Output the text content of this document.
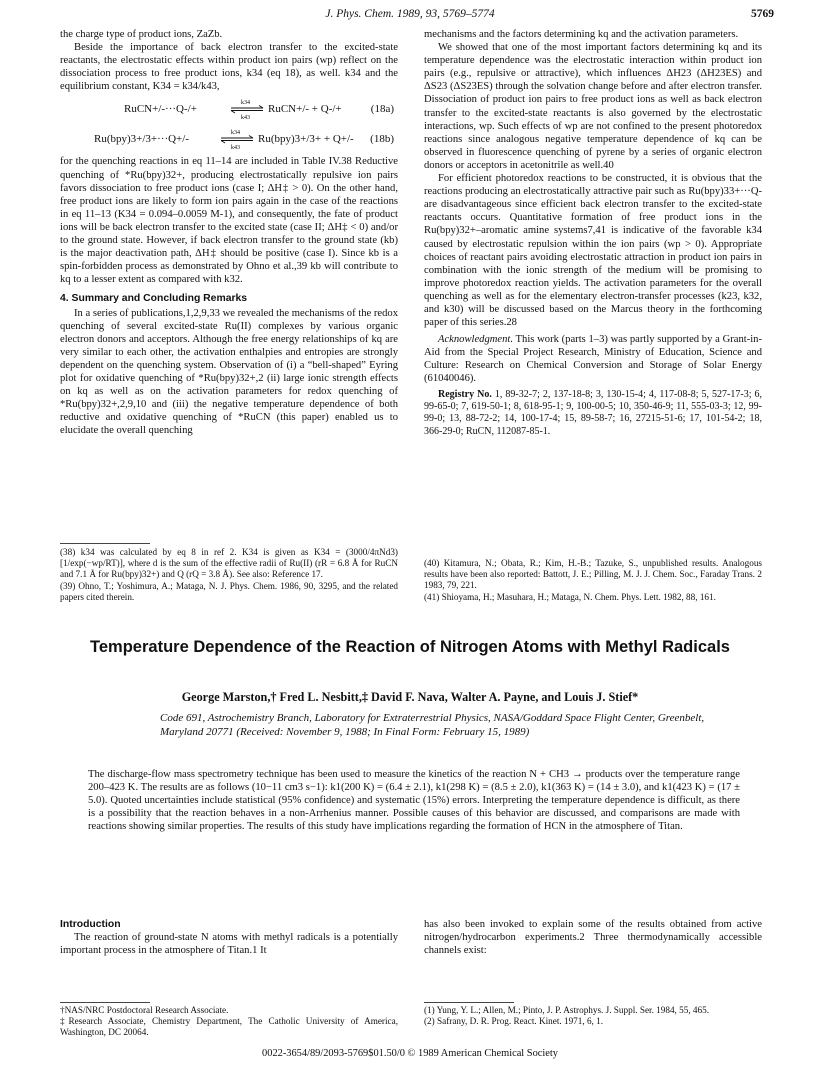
J. Phys. Chem. 1989, 93, 5769–5774	5769

the charge type of product ions, ZaZb.

Beside the importance of back electron transfer to the excited-state reactants, the electrostatic effects within product ion pairs (wp) reflect on the dissociation process to free product ions, k34 (eq 18), as well. k34 and the equilibrium constant, K34 = k34/k43,

RuCN+/-···Q-/+	k34
k43
RuCN+/- + Q-/+	(18a)
Ru(bpy)3+/3+···Q+/-	k34
k43
Ru(bpy)3+/3+ + Q+/- (18b)

for the quenching reactions in eq 11–14 are included in Table IV.38 Reductive quenching of *Ru(bpy)32+, producing electrostatically repulsive ion pairs favors dissociation to free product ions (case I; ΔH‡ > 0). On the other hand, free product ions are likely to form ion pairs again in the case of the reactions in eq 11–13 (K34 = 0.094–0.0059 M-1), and consequently, the fate of product ions will be back electron transfer to the excited state (case II; ΔH‡ < 0) and/or to the ground state. However, if back electron transfer to the ground state (kb) is the major deactivation path, ΔH‡ should be positive (case I). Since kb is a spin-forbidden process as demonstrated by Ohno et al.,39 kb will contribute to kq to a lesser extent as compared with k32.

4. Summary and Concluding Remarks

In a series of publications,1,2,9,33 we revealed the mechanisms of the redox quenching of several excited-state Ru(II) complexes by various organic electron donors and acceptors. Although the free energy relationships of kq are very similar to each other, the activation enthalpies and entropies are strongly dependent on the quenching system. Observation of (i) a “bell-shaped” Eyring plot for oxidative quenching of *Ru(bpy)32+,2 (ii) large ionic strength effects on kq as well as on the activation parameters for redox quenching of *Ru(bpy)32+,2,9,10 and (iii) the negative temperature dependence of both reductive and oxidative quenching of *RuCN (this paper) enabled us to elucidate the overall quenching

mechanisms and the factors determining kq and the activation parameters.

We showed that one of the most important factors determining kq and its temperature dependence was the electrostatic interaction within product ion pairs (e.g., repulsive or attractive), which influences ΔH23 (ΔH23ES) and ΔS23 (ΔS23ES) through the solvation change before and after electron transfer. Dissociation of product ion pairs to free product ions as well as back electron transfer to the excited-state reactants is also governed by the electrostatic interactions, wp. Such effects of wp are not confined to the present photoredox reactions since analogous negative temperature dependence of kq can be observed in fluorescence quenching of pyrene by a series of organic electron donors or acceptors in acetonitrile as well.40

For efficient photoredox reactions to be constructed, it is obvious that the reactions producing an electrostatically attractive pair such as Ru(bpy)33+···Q- are disadvantageous since efficient back electron transfer to the excited-state reactants occurs. Quantitative formation of free product ions in the Ru(bpy)32+–aromatic amine systems7,41 is indicative of the favorable k34 caused by electrostatic repulsion within the ion pairs (wp > 0). Appropriate choices of reactant pairs avoiding electrostatic attraction in product ion pairs in combination with the ionic strength of the medium will be promising to improve photoredox reaction yields. The activation parameters for the overall quenching as well as for the elementary electron-transfer processes (k23, k32, and k30) will be discussed based on the Marcus theory in the forthcoming paper of this series.28

Acknowledgment. This work (parts 1–3) was partly supported by a Grant-in-Aid from the Special Project Research, Ministry of Education, Science and Culture: Research on Chemical Conversion and Storage of Solar Energy (61040046).

Registry No. 1, 89-32-7; 2, 137-18-8; 3, 130-15-4; 4, 117-08-8; 5, 527-17-3; 6, 99-65-0; 7, 619-50-1; 8, 618-95-1; 9, 100-00-5; 10, 350-46-9; 11, 555-03-3; 12, 99-99-0; 13, 88-72-2; 14, 100-17-4; 15, 89-58-7; 16, 27215-51-6; 17, 101-54-2; 18, 366-29-0; RuCN, 112087-85-1.

(38) k34 was calculated by eq 8 in ref 2. K34 is given as K34 = (3000/4πNd3)[1/exp(−wp/RT)], where d is the sum of the effective radii of Ru(II) (rR = 6.8 Å for RuCN and 7.1 Å for Ru(bpy)32+) and Q (rQ = 3.8 Å). See also: Reference 17.

(39) Ohno, T.; Yoshimura, A.; Mataga, N. J. Phys. Chem. 1986, 90, 3295, and the related papers cited therein.

(40) Kitamura, N.; Obata, R.; Kim, H.-B.; Tazuke, S., unpublished results. Analogous results have been also reported: Battott, J. E.; Pilling, M. J. J. Chem. Soc., Faraday Trans. 2 1983, 79, 221.

(41) Shioyama, H.; Masuhara, H.; Mataga, N. Chem. Phys. Lett. 1982, 88, 161.

Temperature Dependence of the Reaction of Nitrogen Atoms with Methyl Radicals
George Marston,† Fred L. Nesbitt,‡ David F. Nava, Walter A. Payne, and Louis J. Stief*
Code 691, Astrochemistry Branch, Laboratory for Extraterrestrial Physics, NASA/Goddard Space Flight Center, Greenbelt, Maryland 20771 (Received: November 9, 1988; In Final Form: February 15, 1989)
The discharge-flow mass spectrometry technique has been used to measure the kinetics of the reaction N + CH3 → products over the temperature range 200–423 K. The results are as follows (10−11 cm3 s−1): k1(200 K) = (6.4 ± 2.1), k1(298 K) = (8.5 ± 2.0), k1(363 K) = (14 ± 3.0), and k1(423 K) = (17 ± 5.0). Quoted uncertainties include statistical (95% confidence) and systematic (15%) errors. Interpreting the temperature dependence is difficult, as there is a possibility that the reaction behaves in a non-Arrhenius manner. Possible causes of this behavior are discussed, and comparisons are made with reactions showing similar properties. The results of this study have implications regarding the formation of HCN in the atmosphere of Titan.
Introduction

The reaction of ground-state N atoms with methyl radicals is a potentially important process in the atmosphere of Titan.1 It

has also been invoked to explain some of the results obtained from active nitrogen/hydrocarbon experiments.2 Three thermodynamically accessible channels exist:

†NAS/NRC Postdoctoral Research Associate.

‡Research Associate, Chemistry Department, The Catholic University of America, Washington, DC 20064.

(1) Yung, Y. L.; Allen, M.; Pinto, J. P. Astrophys. J. Suppl. Ser. 1984, 55, 465.

(2) Safrany, D. R. Prog. React. Kinet. 1971, 6, 1.

0022-3654/89/2093-5769$01.50/0 © 1989 American Chemical Society
